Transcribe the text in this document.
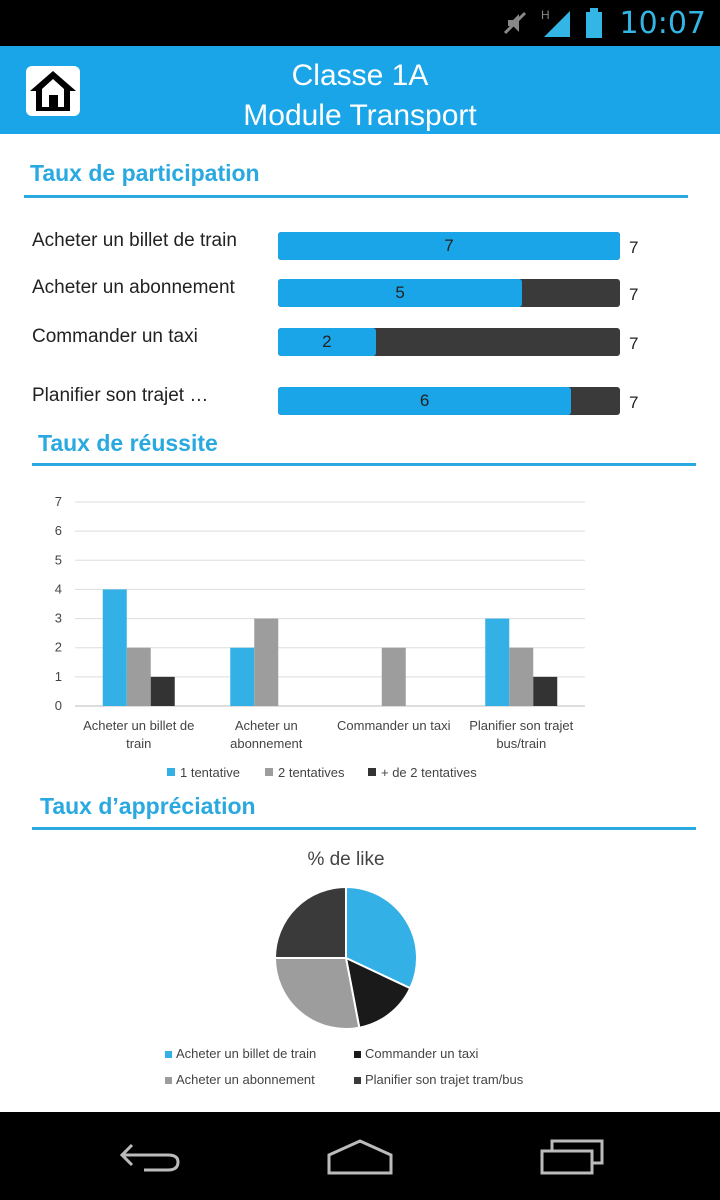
H 10:07
Classe 1A
Module Transport
Taux de participation
Acheter un billet de train	7	7
Acheter un abonnement	5	7
Commander un taxi	2	7
Planifier son trajet …	6	7
Taux de réussite
0
1
2
3
4
5
6
7
Acheter un billet de
train
Acheter un
abonnement
Commander un taxi Planifier son trajet
bus/train
1 tentative	2 tentatives	+ de 2 tentatives
Taux d’appréciation
% de like
Acheter un billet de train	Commander un taxi
Acheter un abonnement	Planifier son trajet tram/bus
